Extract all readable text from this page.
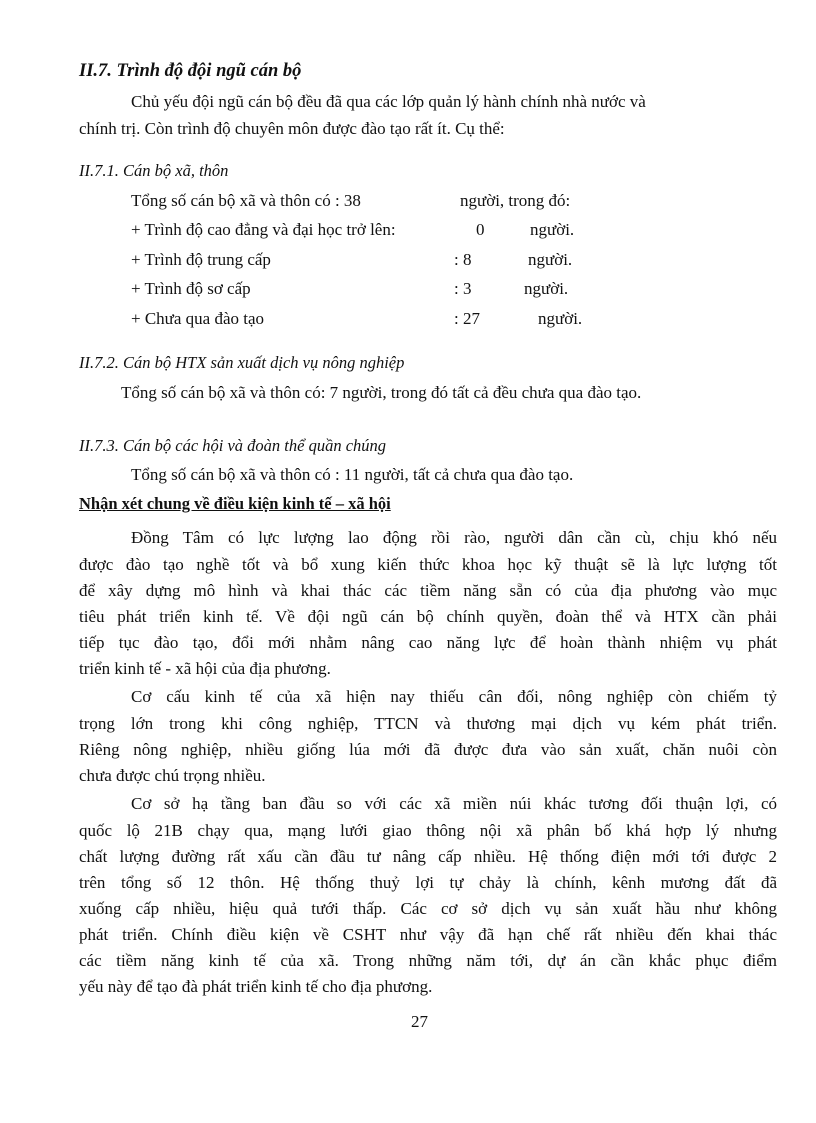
II.7. Trình độ đội ngũ cán bộ
Chủ yếu đội ngũ cán bộ đều đã qua các lớp quản lý hành chính nhà nước và
chính trị. Còn trình độ chuyên môn được đào tạo rất ít. Cụ thể:
II.7.1. Cán bộ xã, thôn
Tổng số cán bộ xã và thôn có : 38	người, trong đó:
+ Trình độ cao đẳng và đại học trở lên:	0	người.
+ Trình độ trung cấp	: 8	người.
+ Trình độ sơ cấp	: 3	người.
+ Chưa qua đào tạo	: 27	người.
II.7.2. Cán bộ HTX sản xuất dịch vụ nông nghiệp
Tổng số cán bộ xã và thôn có: 7 người, trong đó tất cả đều chưa qua đào tạo.
II.7.3. Cán bộ các hội và đoàn thể quần chúng
Tổng số cán bộ xã và thôn có : 11 người, tất cả chưa qua đào tạo.
Nhận xét chung về điều kiện kinh tế – xã hội
Đồng Tâm có lực lượng lao động rồi rào, người dân cần cù, chịu khó nếu
được đào tạo nghề tốt và bổ xung kiến thức khoa học kỹ thuật sẽ là lực lượng tốt
để xây dựng mô hình và khai thác các tiềm năng sẵn có của địa phương vào mục
tiêu phát triển kinh tế. Về đội ngũ cán bộ chính quyền, đoàn thể và HTX cần phải
tiếp tục đào tạo, đổi mới nhằm nâng cao năng lực để hoàn thành nhiệm vụ phát
triển kinh tế - xã hội của địa phương.
Cơ cấu kinh tế của xã hiện nay thiếu cân đối, nông nghiệp còn chiếm tỷ
trọng lớn trong khi công nghiệp, TTCN và thương mại dịch vụ kém phát triển.
Riêng nông nghiệp, nhiều giống lúa mới đã được đưa vào sản xuất, chăn nuôi còn
chưa được chú trọng nhiều.
Cơ sở hạ tầng ban đầu so với các xã miền núi khác tương đối thuận lợi, có
quốc lộ 21B chạy qua, mạng lưới giao thông nội xã phân bố khá hợp lý nhưng
chất lượng đường rất xấu cần đầu tư nâng cấp nhiều. Hệ thống điện mới tới được 2
trên tổng số 12 thôn. Hệ thống thuỷ lợi tự chảy là chính, kênh mương đất đã
xuống cấp nhiều, hiệu quả tưới thấp. Các cơ sở dịch vụ sản xuất hầu như không
phát triển. Chính điều kiện về CSHT như vậy đã hạn chế rất nhiều đến khai thác
các tiềm năng kinh tế của xã. Trong những năm tới, dự án cần khắc phục điểm
yếu này để tạo đà phát triển kinh tế cho địa phương.
27
